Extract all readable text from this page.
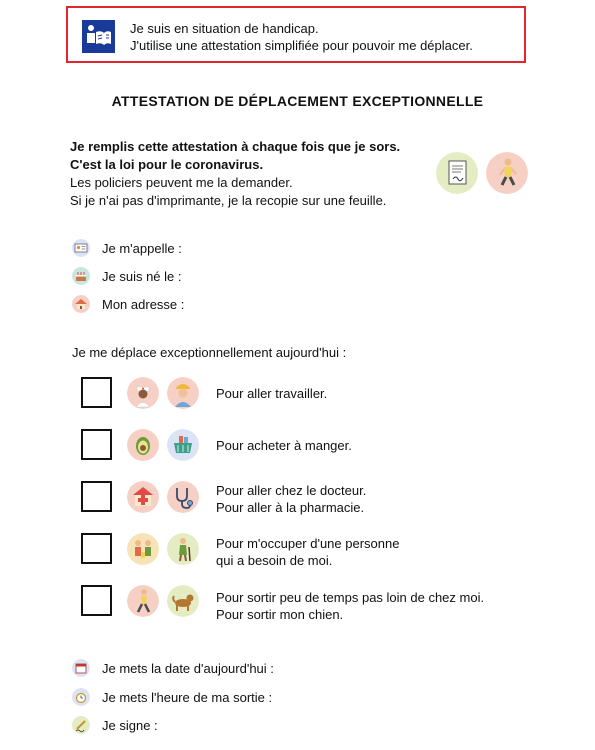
Je suis en situation de handicap.
J'utilise une attestation simplifiée pour pouvoir me déplacer.
ATTESTATION DE DÉPLACEMENT EXCEPTIONNELLE
Je remplis cette attestation à chaque fois que je sors.
C'est la loi pour le coronavirus.
Les policiers peuvent me la demander.
Si je n'ai pas d'imprimante, je la recopie sur une feuille.
Je m'appelle :
Je suis né le :
Mon adresse :
Je me déplace exceptionnellement aujourd'hui :
Pour aller travailler.
Pour acheter à manger.
Pour aller chez le docteur.
Pour aller à la pharmacie.
Pour m'occuper d'une personne
qui a besoin de moi.
Pour sortir peu de temps pas loin de chez moi.
Pour sortir mon chien.
Je mets la date d'aujourd'hui :
Je mets l'heure de ma sortie :
Je signe :
